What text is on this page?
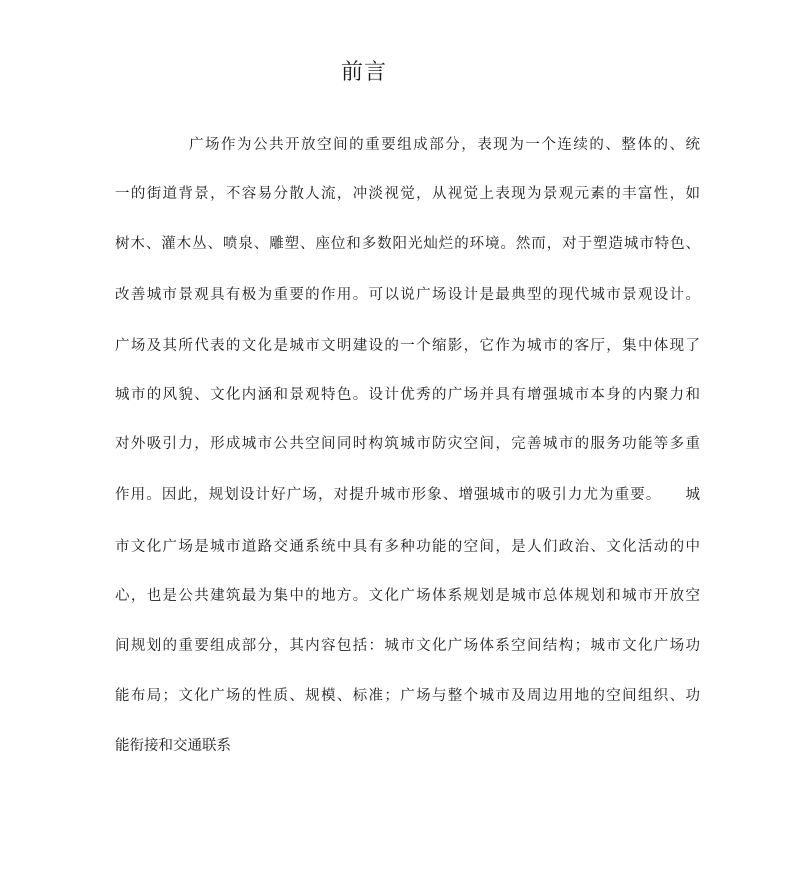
前言

广场作为公共开放空间的重要组成部分，表现为一个连续的、整体的、统

一的街道背景，不容易分散人流，冲淡视觉，从视觉上表现为景观元素的丰富性，如

树木、灌木丛、喷泉、雕塑、座位和多数阳光灿烂的环境。然而，对于塑造城市特色、

改善城市景观具有极为重要的作用。可以说广场设计是最典型的现代城市景观设计。

广场及其所代表的文化是城市文明建设的一个缩影，它作为城市的客厅，集中体现了

城市的风貌、文化内涵和景观特色。设计优秀的广场并具有增强城市本身的内聚力和

对外吸引力，形成城市公共空间同时构筑城市防灾空间，完善城市的服务功能等多重

作用。因此，规划设计好广场，对提升城市形象、增强城市的吸引力尤为重要。　　城

市文化广场是城市道路交通系统中具有多种功能的空间，是人们政治、文化活动的中

心，也是公共建筑最为集中的地方。文化广场体系规划是城市总体规划和城市开放空

间规划的重要组成部分，其内容包括：城市文化广场体系空间结构；城市文化广场功

能布局；文化广场的性质、规模、标准；广场与整个城市及周边用地的空间组织、功

能衔接和交通联系
